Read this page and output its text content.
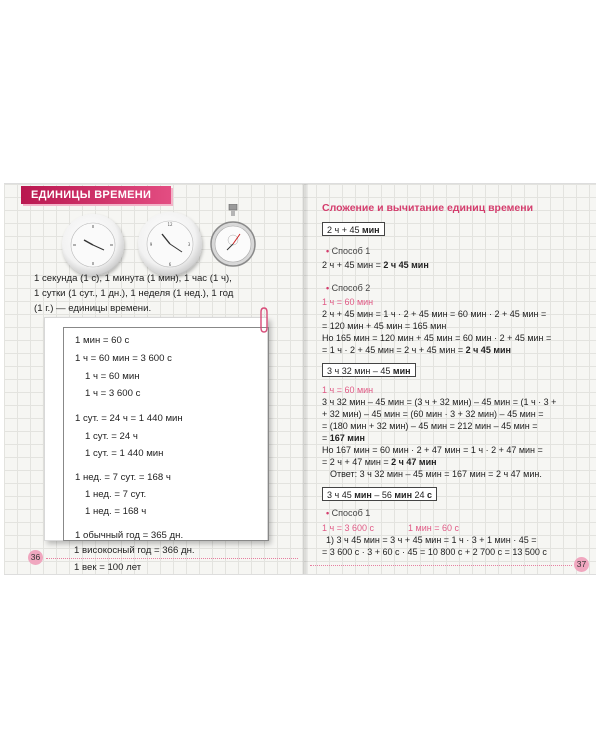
ЕДИНИЦЫ ВРЕМЕНИ
12
3
6
9
1 секунда (1 с), 1 минута (1 мин), 1 час (1 ч),
1 сутки (1 сут., 1 дн.), 1 неделя (1 нед.), 1 год
(1 г.) — единицы времени.
1 мин = 60 с
1 ч = 60 мин = 3 600 с
1 ч = 60 мин
1 ч = 3 600 с
1 сут. = 24 ч = 1 440 мин
1 сут. = 24 ч
1 сут. = 1 440 мин
1 нед. = 7 сут. = 168 ч
1 нед. = 7 сут.
1 нед. = 168 ч
1 обычный год = 365 дн.
1 високосный год = 366 дн.
1 век = 100 лет
36
Сложение и вычитание единиц времени
2 ч + 45 мин
• Способ 1
2 ч + 45 мин = 2 ч 45 мин
• Способ 2
1 ч = 60 мин
2 ч + 45 мин = 1 ч · 2 + 45 мин = 60 мин · 2 + 45 мин =
= 120 мин + 45 мин = 165 мин
Но 165 мин = 120 мин + 45 мин = 60 мин · 2 + 45 мин =
= 1 ч · 2 + 45 мин = 2 ч + 45 мин = 2 ч 45 мин
3 ч 32 мин – 45 мин
1 ч = 60 мин
3 ч 32 мин – 45 мин = (3 ч + 32 мин) – 45 мин = (1 ч · 3 +
+ 32 мин) – 45 мин = (60 мин · 3 + 32 мин) – 45 мин =
= (180 мин + 32 мин) – 45 мин = 212 мин – 45 мин =
= 167 мин
Но 167 мин = 60 мин · 2 + 47 мин = 1 ч · 2 + 47 мин =
= 2 ч + 47 мин = 2 ч 47 мин
Ответ: 3 ч 32 мин – 45 мин = 167 мин = 2 ч 47 мин.
3 ч 45 мин – 56 мин 24 с
• Способ 1
1 ч = 3 600 с	1 мин = 60 с
1) 3 ч 45 мин = 3 ч + 45 мин = 1 ч · 3 + 1 мин · 45 =
= 3 600 с · 3 + 60 с · 45 = 10 800 с + 2 700 с = 13 500 с
37
